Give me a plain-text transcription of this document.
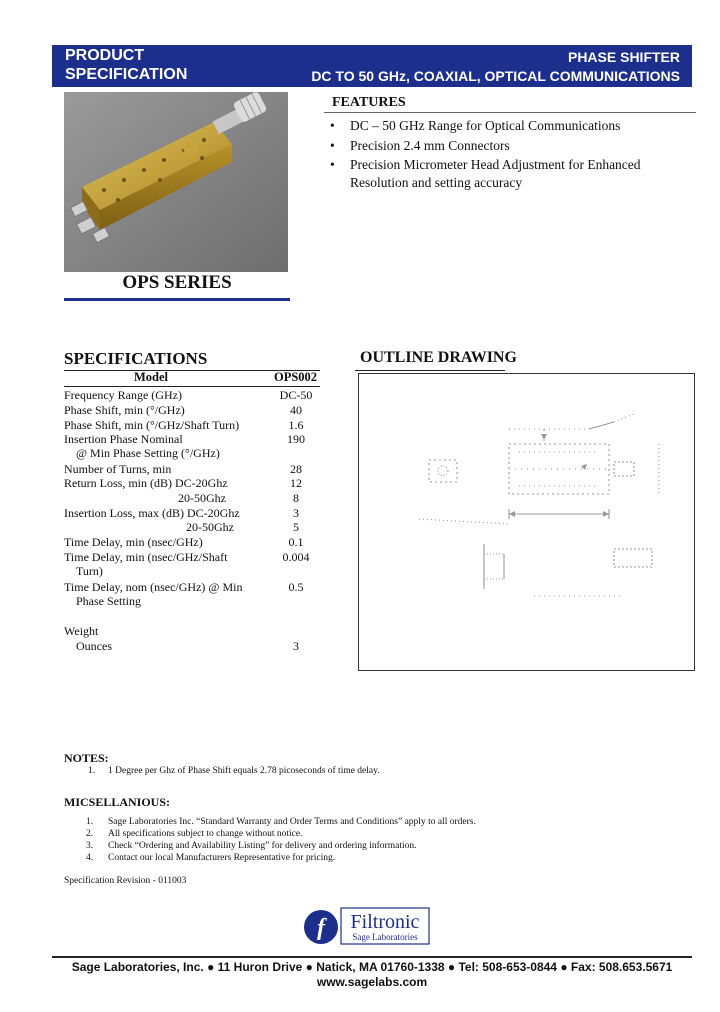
PRODUCT
SPECIFICATION
PHASE SHIFTER
DC TO 50 GHz, COAXIAL, OPTICAL COMMUNICATIONS
OPS SERIES
FEATURES
• DC – 50 GHz Range for Optical Communications
• Precision 2.4 mm Connectors
• Precision Micrometer Head Adjustment for Enhanced Resolution and setting accuracy
SPECIFICATIONS
Model	OPS002
Frequency Range (GHz)	DC-50
Phase Shift, min (°/GHz)	40
Phase Shift, min (°/GHz/Shaft Turn)	1.6
Insertion Phase Nominal	190
@ Min Phase Setting (°/GHz)
Number of Turns, min	28
Return Loss, min (dB) DC-20Ghz	12
20-50Ghz	8
Insertion Loss, max (dB) DC-20Ghz	3
20-50Ghz	5
Time Delay, min (nsec/GHz)	0.1
Time Delay, min (nsec/GHz/Shaft	0.004
Turn)
Time Delay, nom (nsec/GHz) @ Min	0.5
Phase Setting
Weight
Ounces	3
OUTLINE DRAWING
NOTES:
1. 1 Degree per Ghz of Phase Shift equals 2.78 picoseconds of time delay.
MICSELLANIOUS:
1. Sage Laboratories Inc. “Standard Warranty and Order Terms and Conditions” apply to all orders.
2. All specifications subject to change without notice.
3. Check “Ordering and Availability Listing” for delivery and ordering information.
4. Contact our local Manufacturers Representative for pricing.
Specification Revision - 011003
f Filtronic
Sage Laboratories
Sage Laboratories, Inc. ● 11 Huron Drive ● Natick, MA 01760-1338 ● Tel: 508-653-0844 ● Fax: 508.653.5671
www.sagelabs.com
